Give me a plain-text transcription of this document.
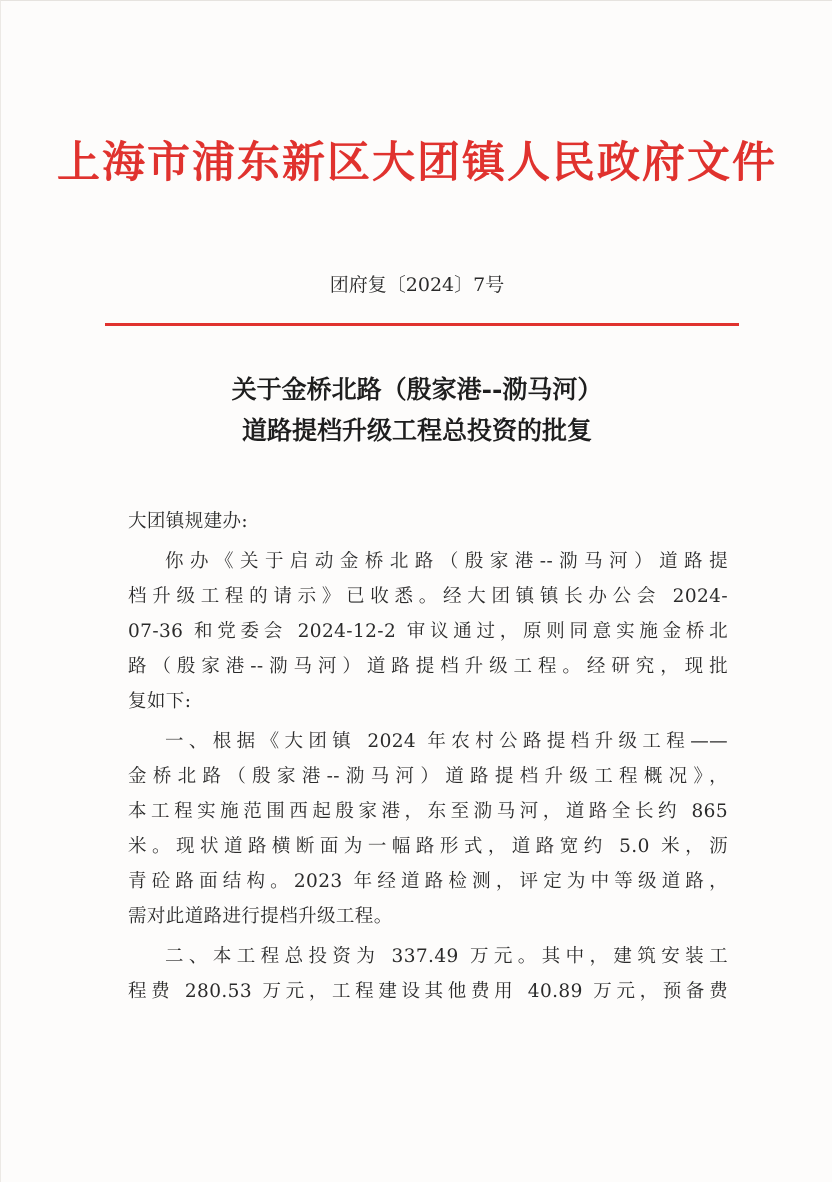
上海市浦东新区大团镇人民政府文件
团府复〔2024〕7号
关于金桥北路（殷家港--泐马河）
道路提档升级工程总投资的批复
大团镇规建办:
你办《关于启动金桥北路（殷家港--泐马河）道路提
档升级工程的请示》已收悉。经大团镇镇长办公会 2024-
07-36 和党委会 2024-12-2 审议通过，原则同意实施金桥北
路（殷家港--泐马河）道路提档升级工程。经研究，现批
复如下:
一、根据《大团镇 2024 年农村公路提档升级工程——
金桥北路（殷家港--泐马河）道路提档升级工程概况》，
本工程实施范围西起殷家港，东至泐马河，道路全长约 865
米。现状道路横断面为一幅路形式，道路宽约 5.0 米，沥
青砼路面结构。2023 年经道路检测，评定为中等级道路，
需对此道路进行提档升级工程。
二、本工程总投资为 337.49 万元。其中，建筑安装工
程费 280.53 万元，工程建设其他费用 40.89 万元，预备费
